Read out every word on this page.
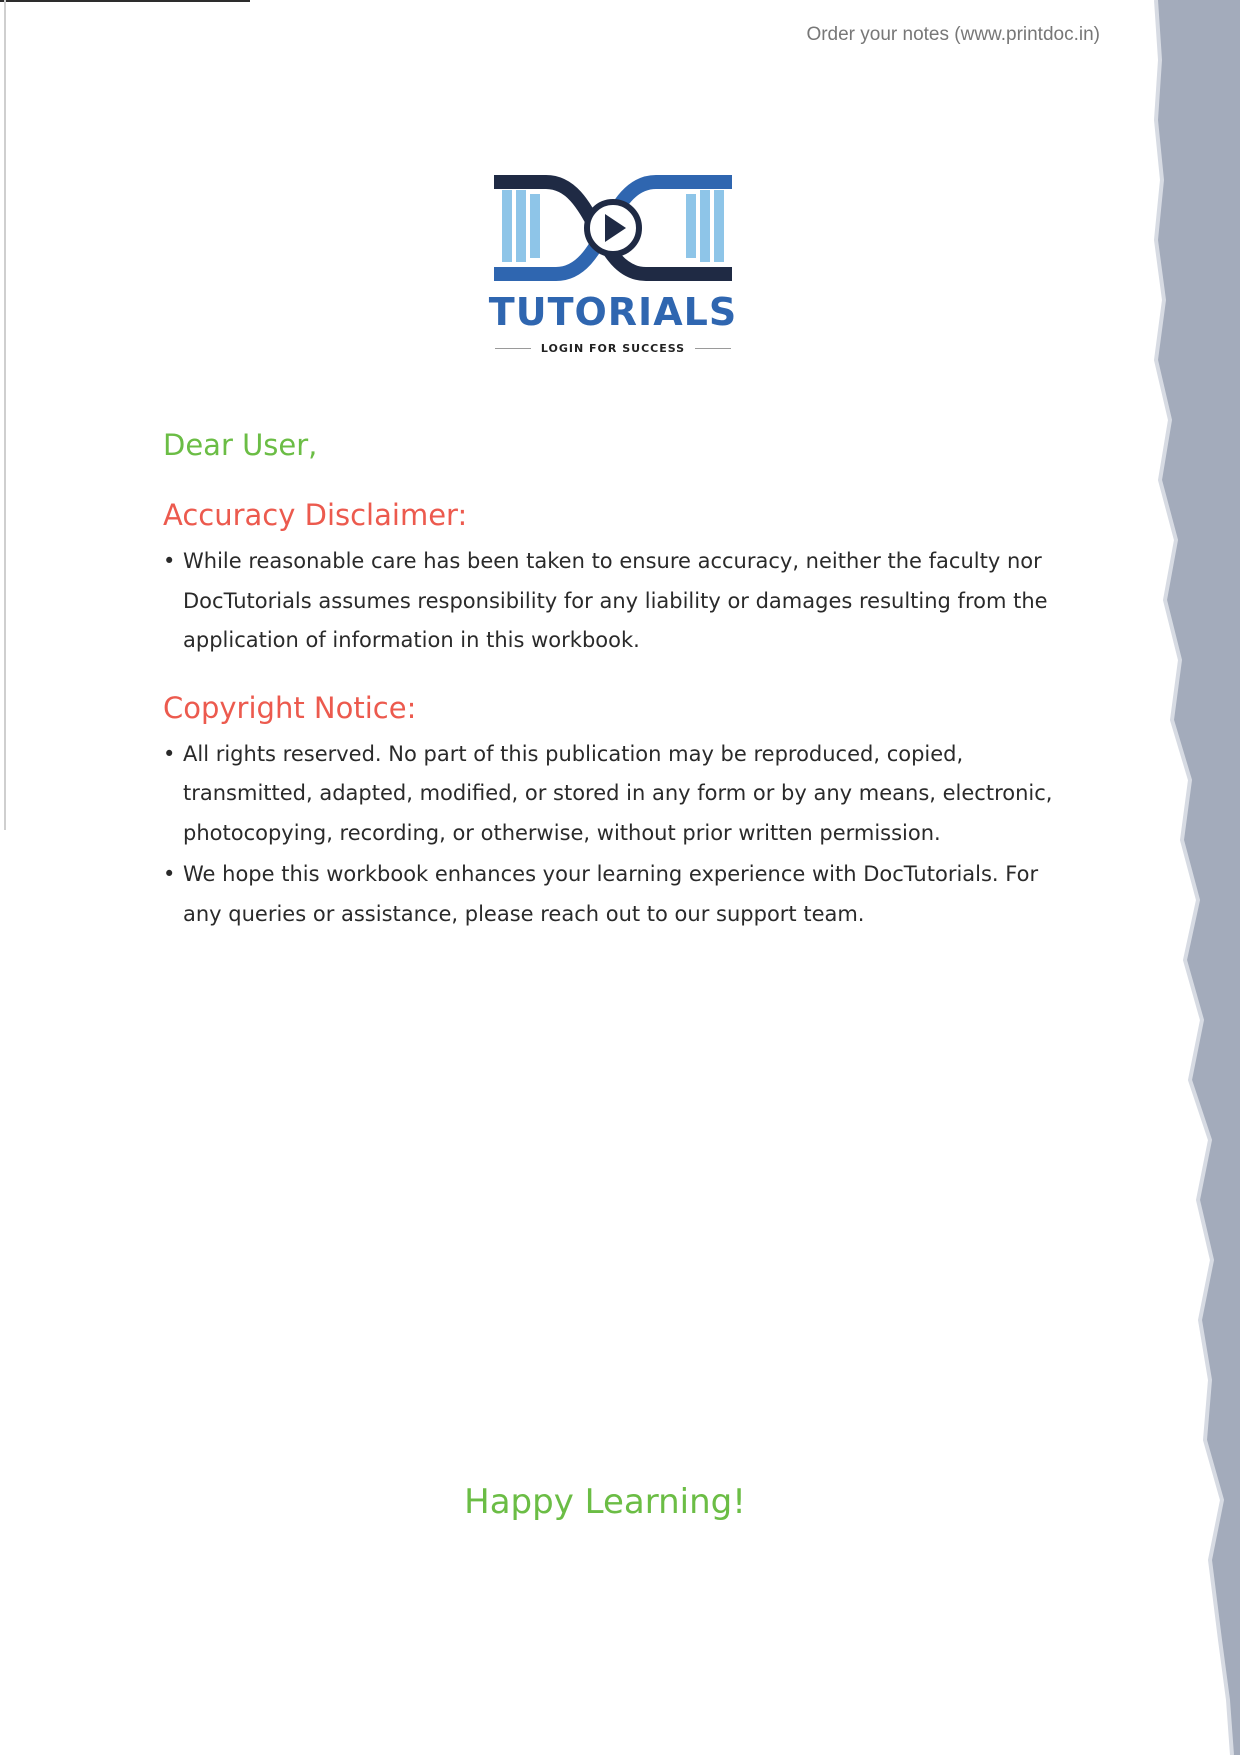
Order your notes (www.printdoc.in)
TUTORIALS
LOGIN FOR SUCCESS
Dear User,
Accuracy Disclaimer:
• While reasonable care has been taken to ensure accuracy, neither the faculty nor DocTutorials assumes responsibility for any liability or damages resulting from the application of information in this workbook.
Copyright Notice:
• All rights reserved. No part of this publication may be reproduced, copied, transmitted, adapted, modified, or stored in any form or by any means, electronic, photocopying, recording, or otherwise, without prior written permission.
• We hope this workbook enhances your learning experience with DocTutorials. For any queries or assistance, please reach out to our support team.
Happy Learning!
